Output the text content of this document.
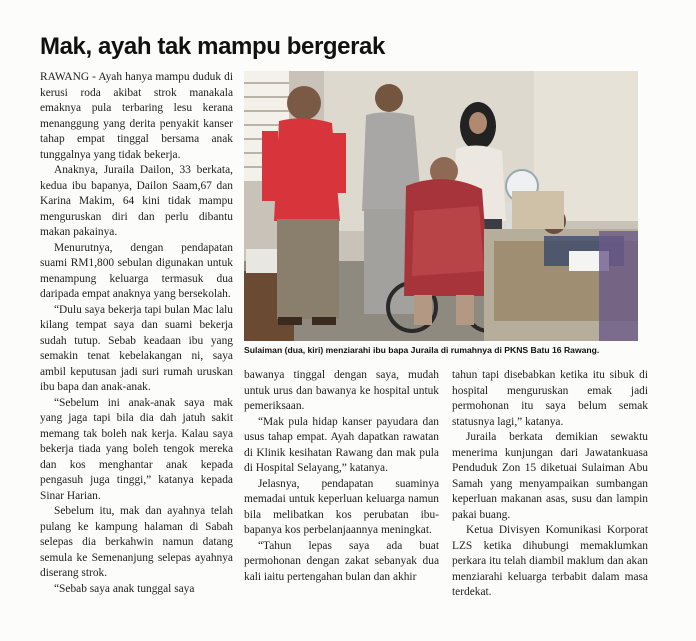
Mak, ayah tak mampu bergerak

RAWANG - Ayah hanya mampu duduk di kerusi roda akibat strok manakala emaknya pula terbaring lesu kerana menanggung yang derita penyakit kanser tahap empat tinggal bersama anak tunggalnya yang tidak bekerja.

Anaknya, Juraila Dailon, 33 berkata, kedua ibu bapanya, Dailon Saam,67 dan Karina Makim, 64 kini tidak mampu menguruskan diri dan perlu dibantu makan pakainya.

Menurutnya, dengan pendapatan suami RM1,800 sebulan digunakan untuk menampung keluarga termasuk dua daripada empat anaknya yang bersekolah.

“Dulu saya bekerja tapi bulan Mac lalu kilang tempat saya dan suami bekerja sudah tutup. Sebab keadaan ibu yang semakin tenat kebelakangan ni, saya ambil keputusan jadi suri rumah uruskan ibu bapa dan anak-anak.

“Sebelum ini anak-anak saya mak yang jaga tapi bila dia dah jatuh sakit memang tak boleh nak kerja. Kalau saya bekerja tiada yang boleh tengok mereka dan kos menghantar anak kepada pengasuh juga tinggi,” katanya kepada Sinar Harian.

Sebelum itu, mak dan ayahnya telah pulang ke kampung halaman di Sabah selepas dia berkahwin namun datang semula ke Semenanjung selepas ayahnya diserang strok.

“Sebab saya anak tunggal saya

Sulaiman (dua, kiri) menziarahi ibu bapa Juraila di rumahnya di PKNS Batu 16 Rawang.

bawanya tinggal dengan saya, mudah untuk urus dan bawanya ke hospital untuk pemeriksaan.

“Mak pula hidap kanser payudara dan usus tahap empat. Ayah dapatkan rawatan di Klinik kesihatan Rawang dan mak pula di Hospital Selayang,” katanya.

Jelasnya, pendapatan suaminya memadai untuk keperluan keluarga namun bila melibatkan kos perubatan ibu-bapanya kos perbelanjaannya meningkat.

“Tahun lepas saya ada buat permohonan dengan zakat sebanyak dua kali iaitu pertengahan bulan dan akhir

tahun tapi disebabkan ketika itu sibuk di hospital menguruskan emak jadi permohonan itu saya belum semak statusnya lagi,” katanya.

Juraila berkata demikian sewaktu menerima kunjungan dari Jawatankuasa Penduduk Zon 15 diketuai Sulaiman Abu Samah yang menyampaikan sumbangan keperluan makanan asas, susu dan lampin pakai buang.

Ketua Divisyen Komunikasi Korporat LZS ketika dihubungi memaklumkan perkara itu telah diambil maklum dan akan menziarahi keluarga terbabit dalam masa terdekat.
